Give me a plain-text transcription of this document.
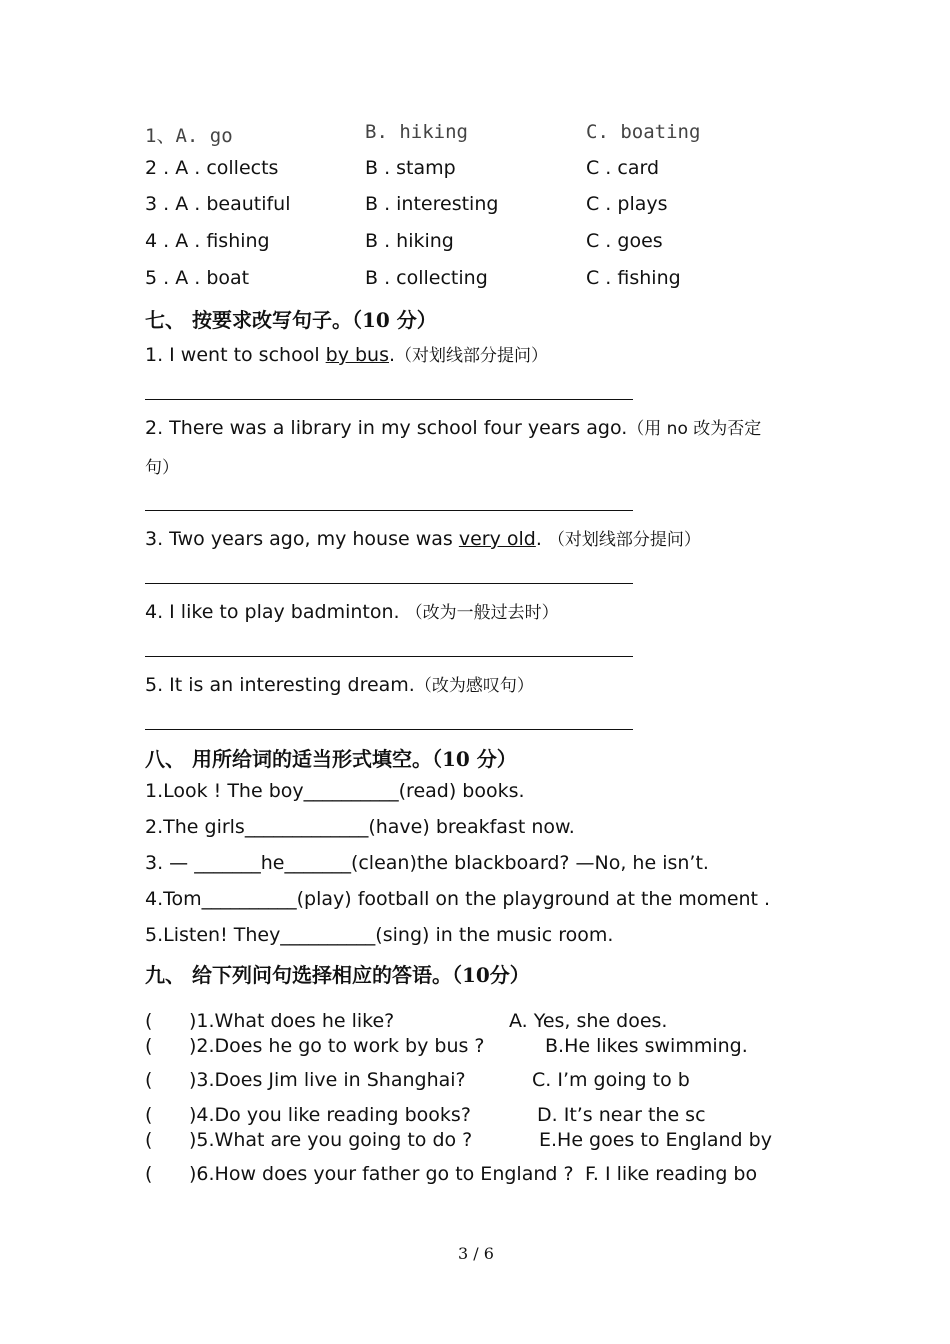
1、A. go	B. hiking	C. boating
2 . A . collects	B . stamp	C . card
3 . A . beautiful	B . interesting	C . plays
4 . A . fishing	B . hiking	C . goes
5 . A . boat	B . collecting	C . fishing
七、 按要求改写句子。（10 分）
1. I went to school by bus.（对划线部分提问）
2. There was a library in my school four years ago.（用 no 改为否定
句）
3. Two years ago, my house was very old. （对划线部分提问）
4. I like to play badminton. （改为一般过去时）
5. It is an interesting dream.（改为感叹句）
八、 用所给词的适当形式填空。（10 分）
1.Look ! The boy__________(read) books.
2.The girls_____________(have) breakfast now.
3. — _______he_______(clean)the blackboard? —No, he isn’t.
4.Tom__________(play) football on the playground at the moment .
5.Listen! They__________(sing) in the music room.
九、 给下列问句选择相应的答语。（10分）
( )1.What does he like?	A. Yes, she does.
( )2.Does he go to work by bus ?	B.He likes swimming.
( )3.Does Jim live in Shanghai?	C. I’m going to b
( )4.Do you like reading books?	D. It’s near the sc
( )5.What are you going to do ?	E.He goes to England by
( )6.How does your father go to England ? F. I like reading bo
3 / 6
